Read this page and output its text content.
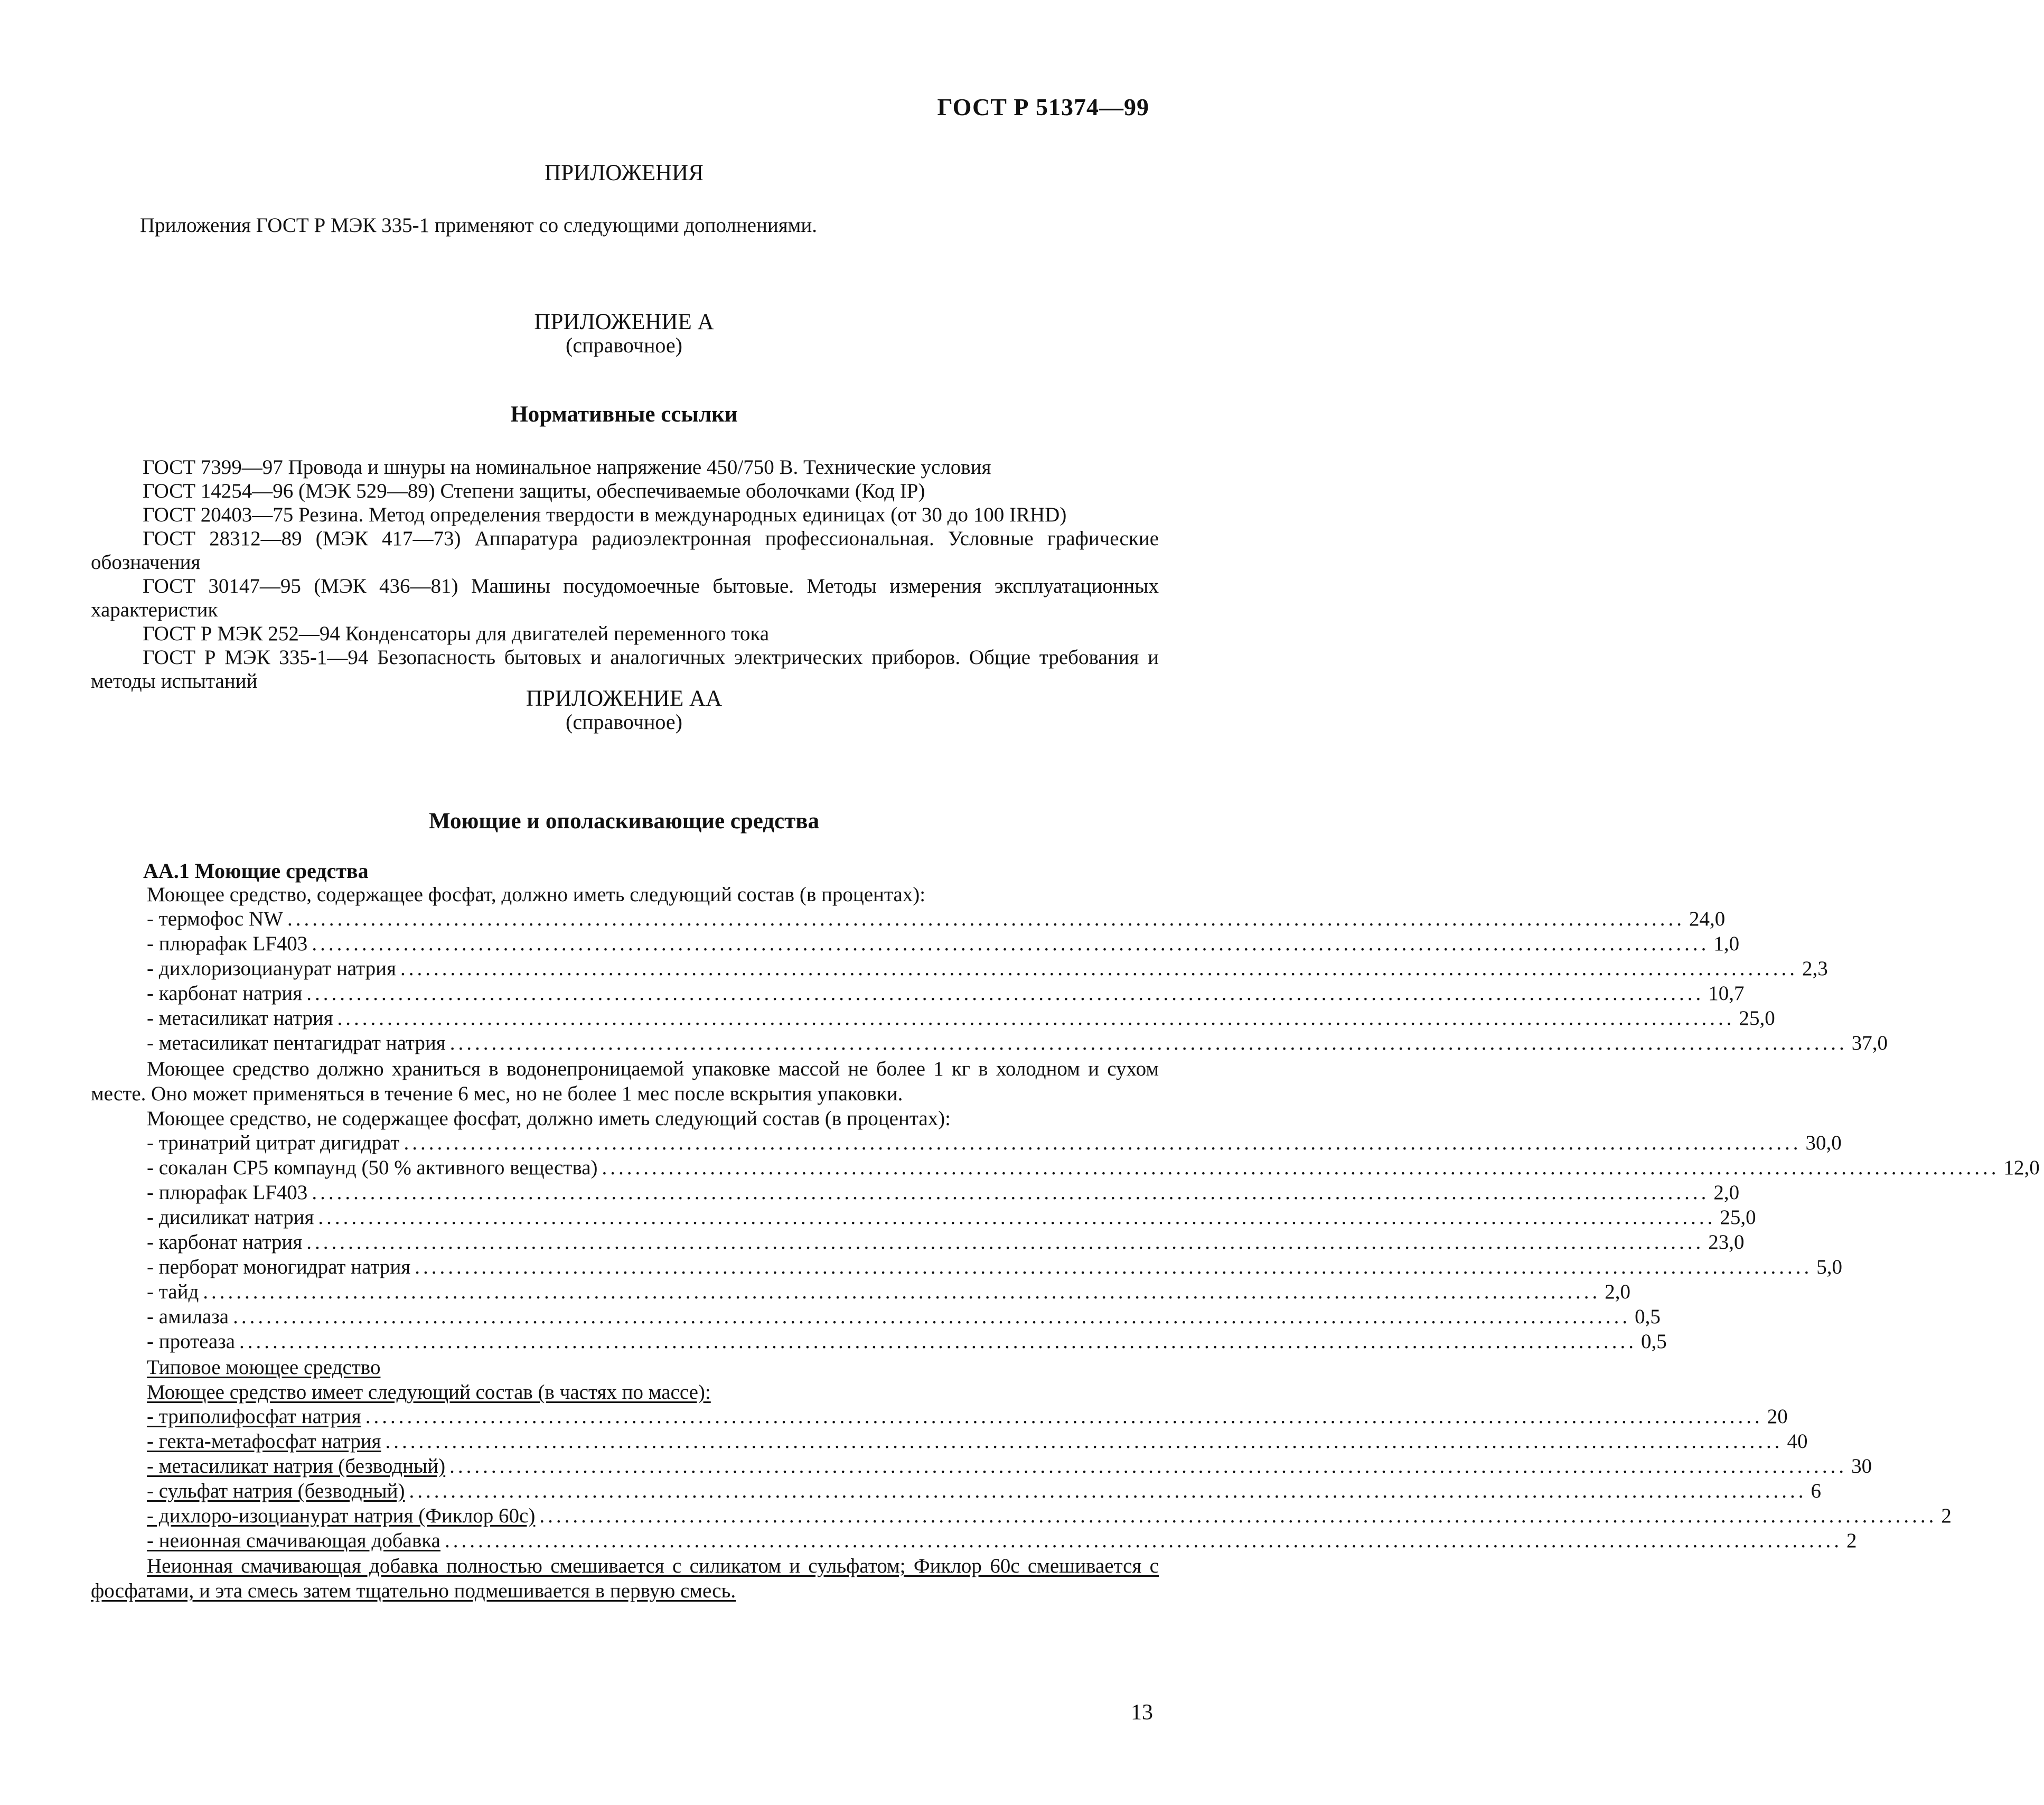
ГОСТ Р 51374—99
ПРИЛОЖЕНИЯ
Приложения ГОСТ Р МЭК 335-1 применяют со следующими дополнениями.
ПРИЛОЖЕНИЕ А
(справочное)
Нормативные ссылки
ГОСТ 7399—97 Провода и шнуры на номинальное напряжение 450/750 В. Технические условия
ГОСТ 14254—96 (МЭК 529—89) Степени защиты, обеспечиваемые оболочками (Код IP)
ГОСТ 20403—75 Резина. Метод определения твердости в международных единицах (от 30 до 100 IRHD)
ГОСТ 28312—89 (МЭК 417—73) Аппаратура радиоэлектронная профессиональная. Условные графические обозначения
ГОСТ 30147—95 (МЭК 436—81) Машины посудомоечные бытовые. Методы измерения эксплуатационных характеристик
ГОСТ Р МЭК 252—94 Конденсаторы для двигателей переменного тока
ГОСТ Р МЭК 335-1—94 Безопасность бытовых и аналогичных электрических приборов. Общие требования и методы испытаний
ПРИЛОЖЕНИЕ АА
(справочное)
Моющие и ополаскивающие средства
АА.1 Моющие средства
Моющее средство, содержащее фосфат, должно иметь следующий состав (в процентах):
- термофос NW ........................................................................................................................................................................ 24,0
- плюрафак LF403 ........................................................................................................................................................................ 1,0
- дихлоризоцианурат натрия ........................................................................................................................................................................ 2,3
- карбонат натрия ........................................................................................................................................................................ 10,7
- метасиликат натрия ........................................................................................................................................................................ 25,0
- метасиликат пентагидрат натрия ........................................................................................................................................................................ 37,0
Моющее средство должно храниться в водонепроницаемой упаковке массой не более 1 кг в холодном и сухом месте. Оно может применяться в течение 6 мес, но не более 1 мес после вскрытия упаковки.
Моющее средство, не содержащее фосфат, должно иметь следующий состав (в процентах):
- тринатрий цитрат дигидрат ........................................................................................................................................................................ 30,0
- сокалан CP5 компаунд (50 % активного вещества) ........................................................................................................................................................................ 12,0
- плюрафак LF403 ........................................................................................................................................................................ 2,0
- дисиликат натрия ........................................................................................................................................................................ 25,0
- карбонат натрия ........................................................................................................................................................................ 23,0
- перборат моногидрат натрия ........................................................................................................................................................................ 5,0
- тайд ........................................................................................................................................................................ 2,0
- амилаза ........................................................................................................................................................................ 0,5
- протеаза ........................................................................................................................................................................ 0,5
Типовое моющее средство
Моющее средство имеет следующий состав (в частях по массе):
- триполифосфат натрия ........................................................................................................................................................................ 20
- гекта-метафосфат натрия ........................................................................................................................................................................ 40
- метасиликат натрия (безводный) ........................................................................................................................................................................ 30
- сульфат натрия (безводный) ........................................................................................................................................................................ 6
- дихлоро-изоцианурат натрия (Фиклор 60с) ........................................................................................................................................................................ 2
- неионная смачивающая добавка ........................................................................................................................................................................ 2
Неионная смачивающая добавка полностью смешивается с силикатом и сульфатом; Фиклор 60с смешивается с фосфатами, и эта смесь затем тщательно подмешивается в первую смесь.
13
